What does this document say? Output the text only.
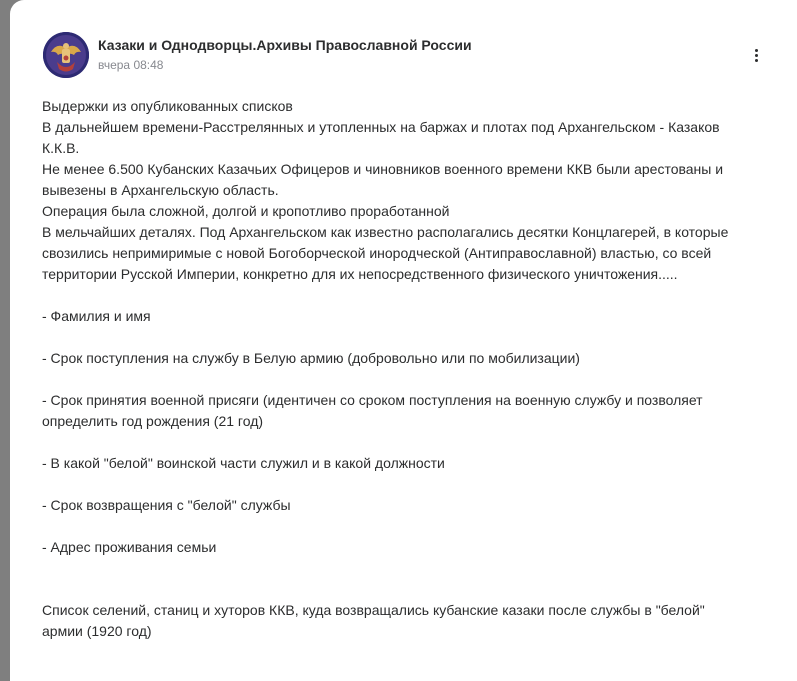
Казаки и Однодворцы.Архивы Православной России
вчера 08:48
Выдержки из опубликованных списков
В дальнейшем времени-Расстрелянных и утопленных на баржах и плотах под Архангельском - Казаков
К.К.В.
Не менее 6.500 Кубанских Казачьих Офицеров и чиновников военного времени ККВ были арестованы и
вывезены в Архангельскую область.
Операция была сложной, долгой и кропотливо проработанной
В мельчайших деталях. Под Архангельском как известно располагались десятки Концлагерей, в которые
свозились непримиримые с новой Богоборческой инородческой (Антиправославной) властью, со всей
территории Русской Империи, конкретно для их непосредственного физического уничтожения.....
- Фамилия и имя
- Срок поступления на службу в Белую армию (добровольно или по мобилизации)
- Срок принятия военной присяги (идентичен со сроком поступления на военную службу и позволяет
определить год рождения (21 год)
- В какой "белой" воинской части служил и в какой должности
- Срок возвращения с "белой" службы
- Адрес проживания семьи
Список селений, станиц и хуторов ККВ, куда возвращались кубанские казаки после службы в "белой"
армии (1920 год)
